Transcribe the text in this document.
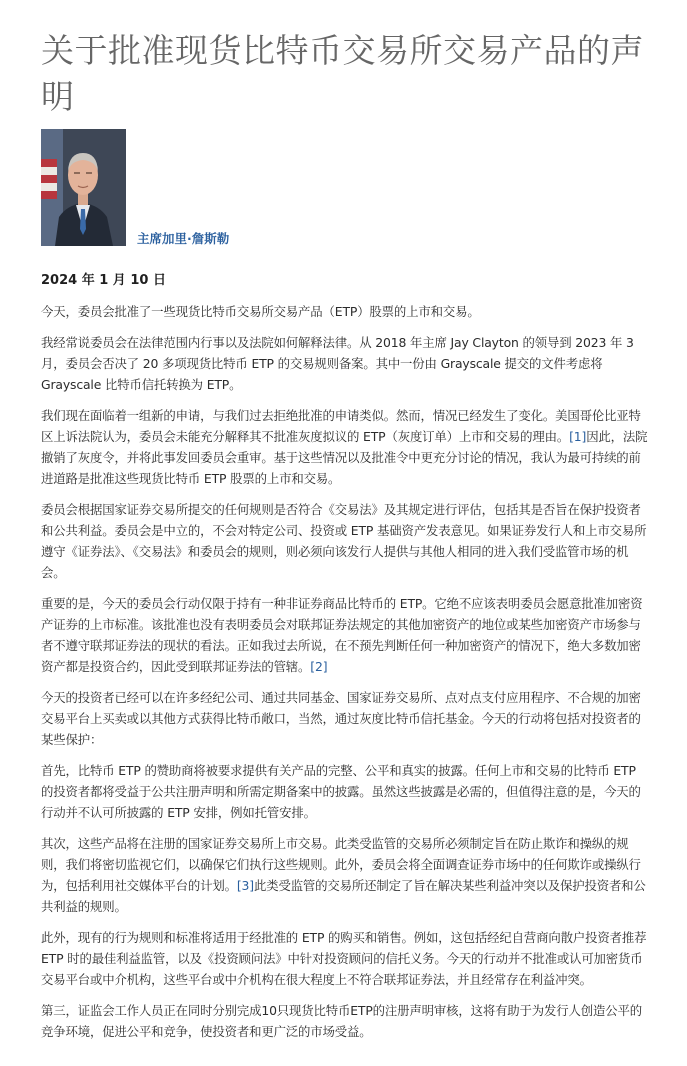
关于批准现货比特币交易所交易产品的声明
主席加里·詹斯勒
2024 年 1 月 10 日

今天，委员会批准了一些现货比特币交易所交易产品（ETP）股票的上市和交易。

我经常说委员会在法律范围内行事以及法院如何解释法律。从 2018 年主席 Jay Clayton 的领导到 2023 年 3 月，委员会否决了 20 多项现货比特币 ETP 的交易规则备案。其中一份由 Grayscale 提交的文件考虑将 Grayscale 比特币信托转换为 ETP。

我们现在面临着一组新的申请，与我们过去拒绝批准的申请类似。然而，情况已经发生了变化。美国哥伦比亚特区上诉法院认为，委员会未能充分解释其不批准灰度拟议的 ETP（灰度订单）上市和交易的理由。[1]因此，法院撤销了灰度令，并将此事发回委员会重审。基于这些情况以及批准令中更充分讨论的情况，我认为最可持续的前进道路是批准这些现货比特币 ETP 股票的上市和交易。

委员会根据国家证券交易所提交的任何规则是否符合《交易法》及其规定进行评估，包括其是否旨在保护投资者和公共利益。委员会是中立的，不会对特定公司、投资或 ETP 基础资产发表意见。如果证券发行人和上市交易所遵守《证券法》、《交易法》和委员会的规则，则必须向该发行人提供与其他人相同的进入我们受监管市场的机会。

重要的是，今天的委员会行动仅限于持有一种非证券商品比特币的 ETP。它绝不应该表明委员会愿意批准加密资产证券的上市标准。该批准也没有表明委员会对联邦证券法规定的其他加密资产的地位或某些加密资产市场参与者不遵守联邦证券法的现状的看法。正如我过去所说，在不预先判断任何一种加密资产的情况下，绝大多数加密资产都是投资合约，因此受到联邦证券法的管辖。[2]

今天的投资者已经可以在许多经纪公司、通过共同基金、国家证券交易所、点对点支付应用程序、不合规的加密交易平台上买卖或以其他方式获得比特币敞口，当然，通过灰度比特币信托基金。今天的行动将包括对投资者的某些保护：

首先，比特币 ETP 的赞助商将被要求提供有关产品的完整、公平和真实的披露。任何上市和交易的比特币 ETP 的投资者都将受益于公共注册声明和所需定期备案中的披露。虽然这些披露是必需的，但值得注意的是，今天的行动并不认可所披露的 ETP 安排，例如托管安排。

其次，这些产品将在注册的国家证券交易所上市交易。此类受监管的交易所必须制定旨在防止欺诈和操纵的规则，我们将密切监视它们，以确保它们执行这些规则。此外，委员会将全面调查证券市场中的任何欺诈或操纵行为，包括利用社交媒体平台的计划。[3]此类受监管的交易所还制定了旨在解决某些利益冲突以及保护投资者和公共利益的规则。

此外，现有的行为规则和标准将适用于经批准的 ETP 的购买和销售。例如，这包括经纪自营商向散户投资者推荐 ETP 时的最佳利益监管，以及《投资顾问法》中针对投资顾问的信托义务。今天的行动并不批准或认可加密货币交易平台或中介机构，这些平台或中介机构在很大程度上不符合联邦证券法，并且经常存在利益冲突。

第三，证监会工作人员正在同时分别完成10只现货比特币ETP的注册声明审核，这将有助于为发行人创造公平的竞争环境，促进公平和竞争，使投资者和更广泛的市场受益。
